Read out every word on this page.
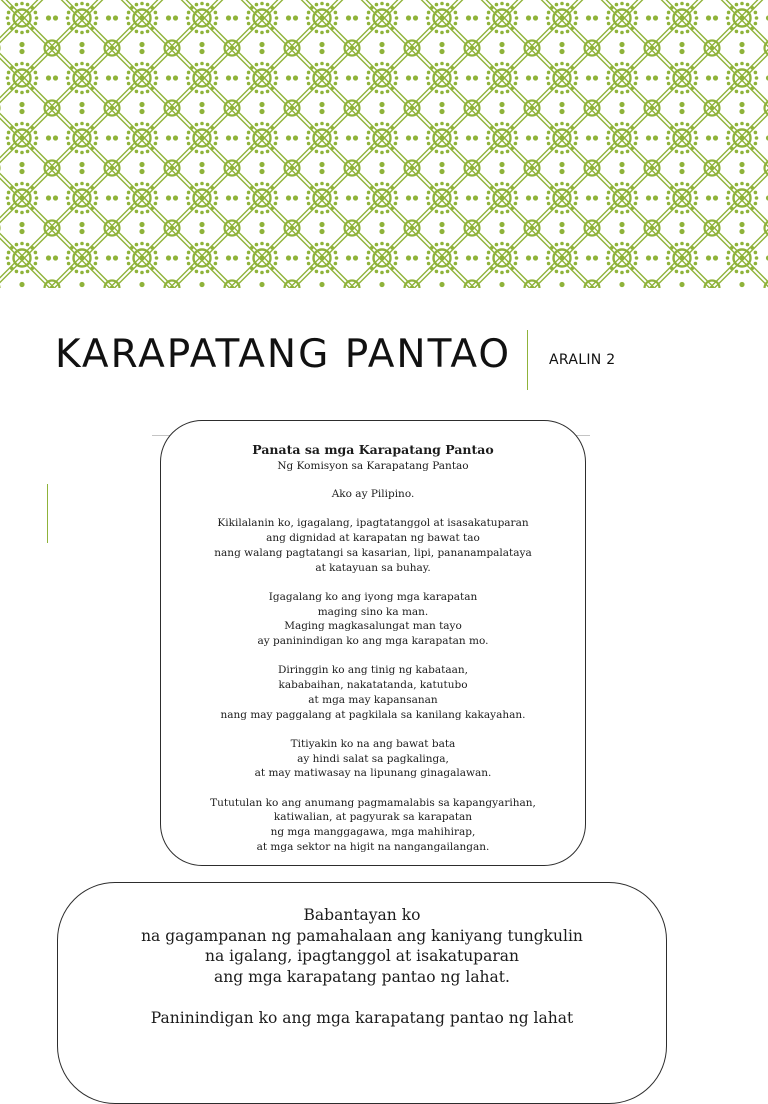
KARAPATANG PANTAO	ARALIN 2
Panata sa mga Karapatang Pantao
Ng Komisyon sa Karapatang Pantao
Ako ay Pilipino.
Kikilalanin ko, igagalang, ipagtatanggol at isasakatuparan
ang dignidad at karapatan ng bawat tao
nang walang pagtatangi sa kasarian, lipi, pananampalataya
at katayuan sa buhay.
Igagalang ko ang iyong mga karapatan
maging sino ka man.
Maging magkasalungat man tayo
ay paninindigan ko ang mga karapatan mo.
Diringgin ko ang tinig ng kabataan,
kababaihan, nakatatanda, katutubo
at mga may kapansanan
nang may paggalang at pagkilala sa kanilang kakayahan.
Titiyakin ko na ang bawat bata
ay hindi salat sa pagkalinga,
at may matiwasay na lipunang ginagalawan.
Tututulan ko ang anumang pagmamalabis sa kapangyarihan,
katiwalian, at pagyurak sa karapatan
ng mga manggagawa, mga mahihirap,
at mga sektor na higit na nangangailangan.
Babantayan ko
na gagampanan ng pamahalaan ang kaniyang tungkulin
na igalang, ipagtanggol at isakatuparan
ang mga karapatang pantao ng lahat.
Paninindigan ko ang mga karapatang pantao ng lahat
